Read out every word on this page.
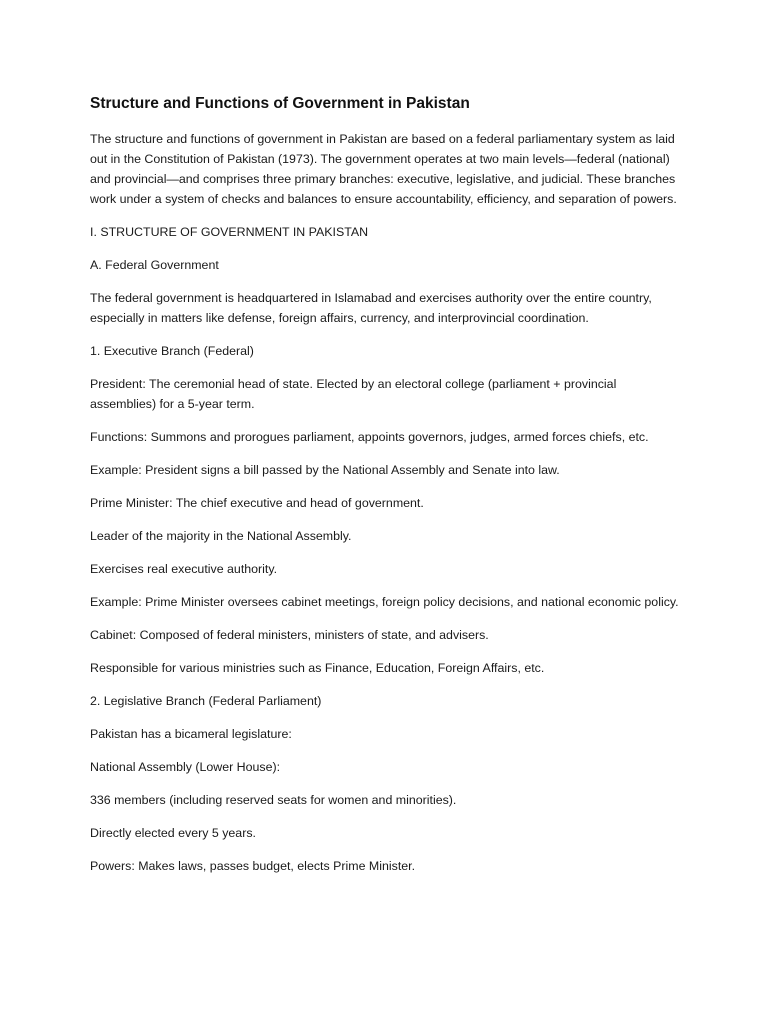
Structure and Functions of Government in Pakistan

The structure and functions of government in Pakistan are based on a federal parliamentary system as laid out in the Constitution of Pakistan (1973). The government operates at two main levels—federal (national) and provincial—and comprises three primary branches: executive, legislative, and judicial. These branches work under a system of checks and balances to ensure accountability, efficiency, and separation of powers.

I. STRUCTURE OF GOVERNMENT IN PAKISTAN

A. Federal Government

The federal government is headquartered in Islamabad and exercises authority over the entire country, especially in matters like defense, foreign affairs, currency, and interprovincial coordination.

1. Executive Branch (Federal)

President: The ceremonial head of state. Elected by an electoral college (parliament + provincial assemblies) for a 5-year term.

Functions: Summons and prorogues parliament, appoints governors, judges, armed forces chiefs, etc.

Example: President signs a bill passed by the National Assembly and Senate into law.

Prime Minister: The chief executive and head of government.

Leader of the majority in the National Assembly.

Exercises real executive authority.

Example: Prime Minister oversees cabinet meetings, foreign policy decisions, and national economic policy.

Cabinet: Composed of federal ministers, ministers of state, and advisers.

Responsible for various ministries such as Finance, Education, Foreign Affairs, etc.

2. Legislative Branch (Federal Parliament)

Pakistan has a bicameral legislature:

National Assembly (Lower House):

336 members (including reserved seats for women and minorities).

Directly elected every 5 years.

Powers: Makes laws, passes budget, elects Prime Minister.
